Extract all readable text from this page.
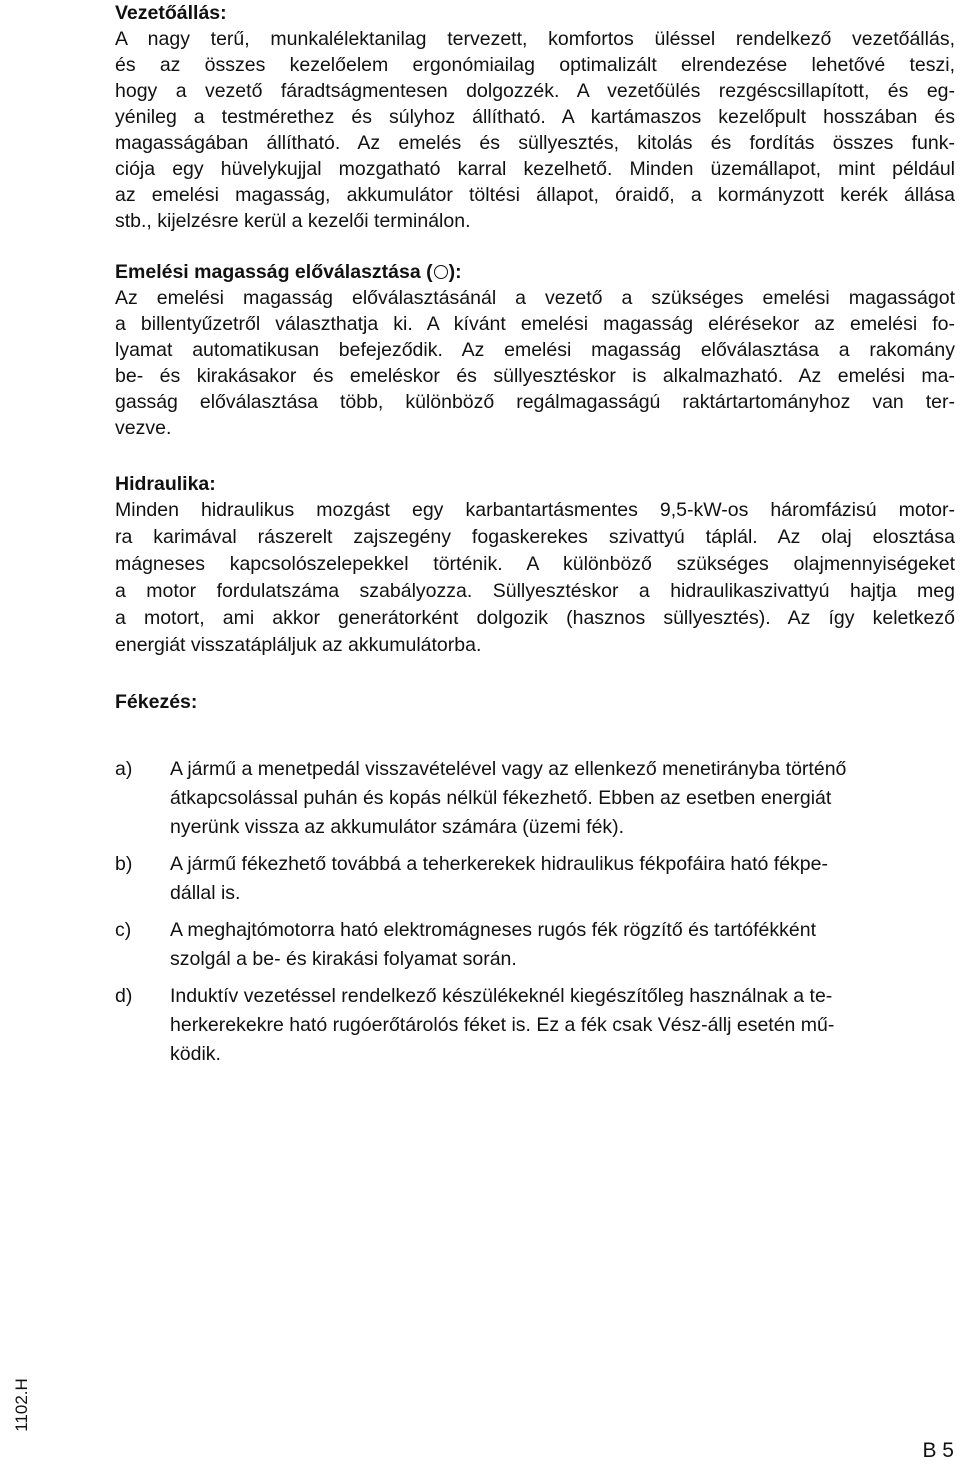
Vezetőállás:
A nagy terű, munkalélektanilag tervezett, komfortos üléssel rendelkező vezetőállás,
és az összes kezelőelem ergonómiailag optimalizált elrendezése lehetővé teszi,
hogy a vezető fáradtságmentesen dolgozzék. A vezetőülés rezgéscsillapított, és eg-
yénileg a testmérethez és súlyhoz állítható. A kartámaszos kezelőpult hosszában és
magasságában állítható. Az emelés és süllyesztés, kitolás és fordítás összes funk-
ciója egy hüvelykujjal mozgatható karral kezelhető. Minden üzemállapot, mint például
az emelési magasság, akkumulátor töltési állapot, óraidő, a kormányzott kerék állása
stb., kijelzésre kerül a kezelői terminálon.
Emelési magasság előválasztása ( ):
Az emelési magasság előválasztásánál a vezető a szükséges emelési magasságot
a billentyűzetről választhatja ki. A kívánt emelési magasság elérésekor az emelési fo-
lyamat automatikusan befejeződik. Az emelési magasság előválasztása a rakomány
be- és kirakásakor és emeléskor és süllyesztéskor is alkalmazható. Az emelési ma-
gasság előválasztása több, különböző regálmagasságú raktártartományhoz van ter-
vezve.
Hidraulika:
Minden hidraulikus mozgást egy karbantartásmentes 9,5-kW-os háromfázisú motor-
ra karimával rászerelt zajszegény fogaskerekes szivattyú táplál. Az olaj elosztása
mágneses kapcsolószelepekkel történik. A különböző szükséges olajmennyiségeket
a motor fordulatszáma szabályozza. Süllyesztéskor a hidraulikaszivattyú hajtja meg
a motort, ami akkor generátorként dolgozik (hasznos süllyesztés). Az így keletkező
energiát visszatápláljuk az akkumulátorba.
Fékezés:
a)	A jármű a menetpedál visszavételével vagy az ellenkező menetirányba történő
átkapcsolással puhán és kopás nélkül fékezhető. Ebben az esetben energiát
nyerünk vissza az akkumulátor számára (üzemi fék).
b)	A jármű fékezhető továbbá a teherkerekek hidraulikus fékpofáira ható fékpe-
dállal is.
c)	A meghajtómotorra ható elektromágneses rugós fék rögzítő és tartófékként
szolgál a be- és kirakási folyamat során.
d)	Induktív vezetéssel rendelkező készülékeknél kiegészítőleg használnak a te-
herkerekekre ható rugóerőtárolós féket is. Ez a fék csak Vész-állj esetén mű-
ködik.
1102.H
B 5
